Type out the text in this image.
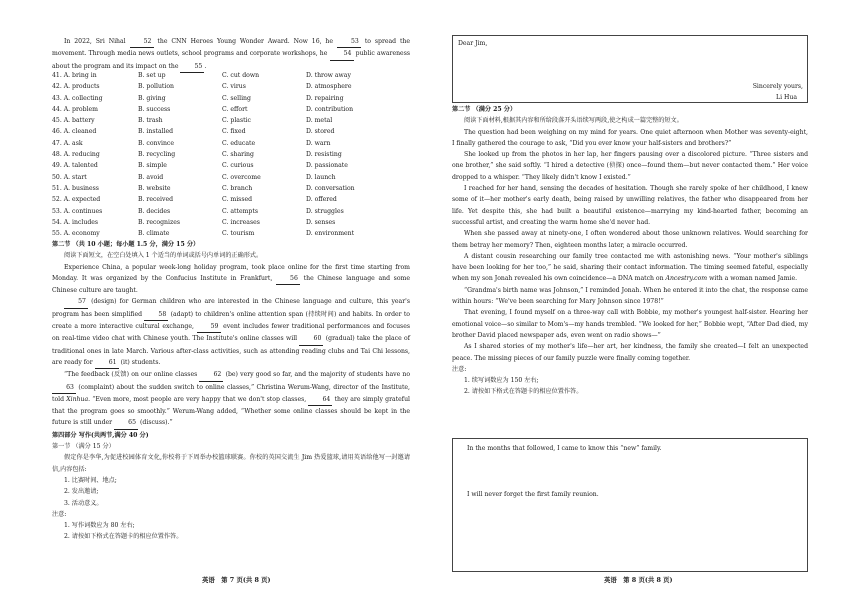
In 2022, Sri Nihal	52 the CNN Heroes Young Wonder Award. Now 16, he	53 to spread the movement. Through media news outlets, school programs and corporate workshops, he	54 public awareness about the program and its impact on the	55 .

41. A. bring in	B. set up	C. cut down	D. throw away
42. A. products	B. pollution	C. virus	D. atmosphere
43. A. collecting	B. giving	C. selling	D. repairing
44. A. problem	B. success	C. effort	D. contribution
45. A. battery	B. trash	C. plastic	D. metal
46. A. cleaned	B. installed	C. fixed	D. stored
47. A. ask	B. convince	C. educate	D. warn
48. A. reducing	B. recycling	C. sharing	D. resisting
49. A. talented	B. simple	C. curious	D. passionate
50. A. start	B. avoid	C. overcome	D. launch
51. A. business	B. website	C. branch	D. conversation
52. A. expected	B. received	C. missed	D. offered
53. A. continues	B. decides	C. attempts	D. struggles
54. A. includes	B. recognizes	C. increases	D. senses
55. A. economy	B. climate	C. tourism	D. environment

第二节 （共 10 小题；每小题 1.5 分，满分 15 分）

阅读下面短文，在空白处填入 1 个适当的单词或括号内单词的正确形式。

Experience China, a popular week-long holiday program, took place online for the first time starting from Monday. It was organized by the Confucius Institute in Frankfurt,	56 the Chinese language and some Chinese culture are taught.

57 (design) for German children who are interested in the Chinese language and culture, this year's program has been simplified	58 (adapt) to children's online attention span (持续时间) and habits. In order to create a more interactive cultural exchange,	59 event includes fewer traditional performances and focuses on real-time video chat with Chinese youth. The Institute's online classes will	60 (gradual) take the place of traditional ones in late March. Various after-class activities, such as attending reading clubs and Tai Chi lessons, are ready for	61 (it) students.

“The feedback (反馈) on our online classes	62 (be) very good so far, and the majority of students have no 63 (complaint) about the sudden switch to online classes,” Christina Werum-Wang, director of the Institute, told Xinhua. “Even more, most people are very happy that we don't stop classes,	64 they are simply grateful that the program goes so smoothly.” Werum-Wang added, “Whether some online classes should be kept in the future is still under	65 (discuss).”

第四部分 写作(共两节,满分 40 分)

第一节 （满分 15 分）

假定你是李华,为促进校园体育文化,你校将于下周举办校篮球联赛。你校的英国交流生 Jim 热爱篮球,请用英语给他写一封邀请信,内容包括:

1. 比赛时间、地点;

2. 发出邀请;

3. 活动意义。

注意:

1. 写作词数应为 80 左右;

2. 请按如下格式在答题卡的相应位置作答。

英语　第 7 页(共 8 页)
Dear Jim,
Sincerely yours,
Li Hua

第二节 （满分 25 分）

阅读下面材料,根据其内容和所给段落开头语续写两段,使之构成一篇完整的短文。

The question had been weighing on my mind for years. One quiet afternoon when Mother was seventy-eight, I finally gathered the courage to ask, “Did you ever know your half-sisters and brothers?”

She looked up from the photos in her lap, her fingers pausing over a discolored picture. “Three sisters and one brother,” she said softly. “I hired a detective (侦探) once—found them—but never contacted them.” Her voice dropped to a whisper. “They likely didn't know I existed.”

I reached for her hand, sensing the decades of hesitation. Though she rarely spoke of her childhood, I knew some of it—her mother's early death, being raised by unwilling relatives, the father who disappeared from her life. Yet despite this, she had built a beautiful existence—marrying my kind-hearted father, becoming an successful artist, and creating the warm home she'd never had.

When she passed away at ninety-one, I often wondered about those unknown relatives. Would searching for them betray her memory? Then, eighteen months later, a miracle occurred.

A distant cousin researching our family tree contacted me with astonishing news. “Your mother's siblings have been looking for her too,” he said, sharing their contact information. The timing seemed fateful, especially when my son Jonah revealed his own coincidence—a DNA match on Ancestry.com with a woman named Jamie.

“Grandma's birth name was Johnson,” I reminded Jonah. When he entered it into the chat, the response came within hours: “We've been searching for Mary Johnson since 1978!”

That evening, I found myself on a three-way call with Bobbie, my mother's youngest half-sister. Hearing her emotional voice—so similar to Mom's—my hands trembled. “We looked for her,” Bobbie wept, “After Dad died, my brother David placed newspaper ads, even went on radio shows—”

As I shared stories of my mother's life—her art, her kindness, the family she created—I felt an unexpected peace. The missing pieces of our family puzzle were finally coming together.

注意:

1. 续写词数应为 150 左右;

2. 请按如下格式在答题卡的相应位置作答。

In the months that followed, I came to know this “new” family.
I will never forget the first family reunion.
英语　第 8 页(共 8 页)
